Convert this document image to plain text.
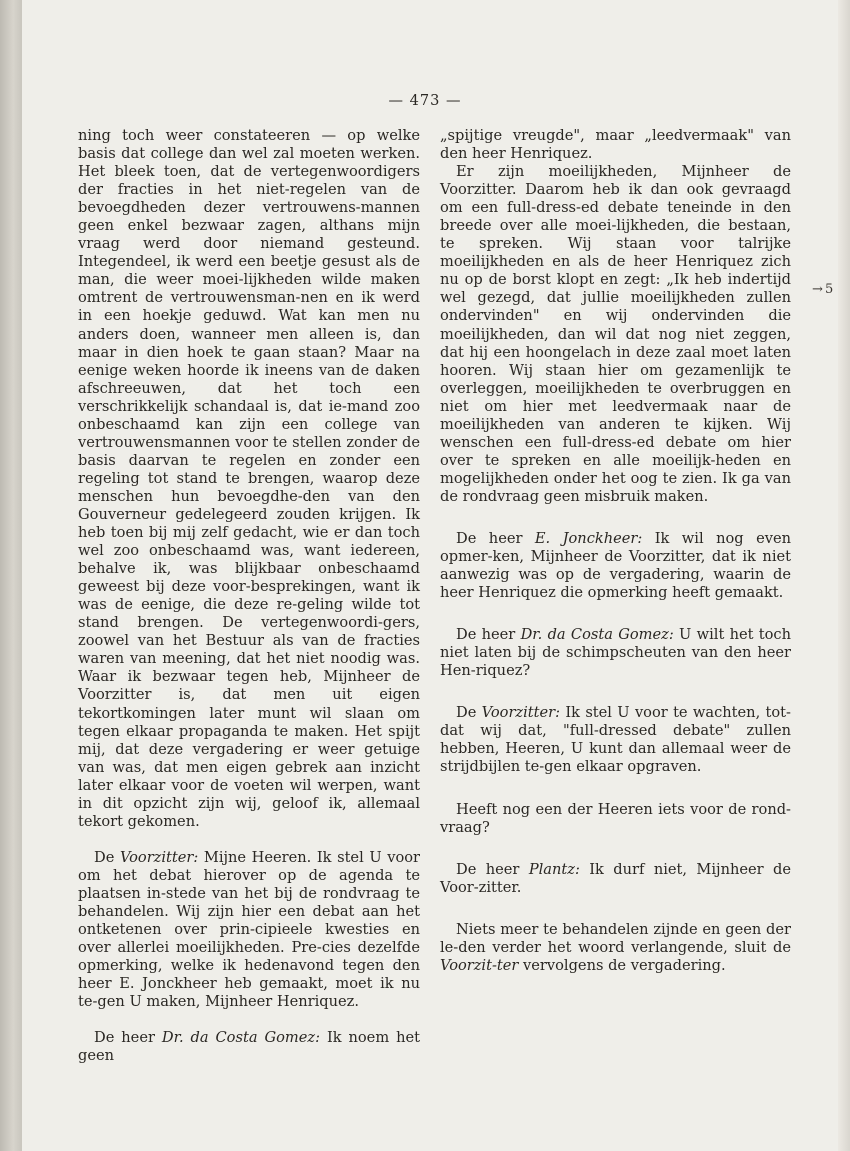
— 473 —

ning toch weer constateeren — op welke basis dat college dan wel zal moeten werken. Het bleek toen, dat de vertegenwoordigers der fracties in het niet-regelen van de bevoegdheden dezer vertrouwens-mannen geen enkel bezwaar zagen, althans mijn vraag werd door niemand gesteund. Integendeel, ik werd een beetje gesust als de man, die weer moei-lijkheden wilde maken omtrent de vertrouwensman-nen en ik werd in een hoekje geduwd. Wat kan men nu anders doen, wanneer men alleen is, dan maar in dien hoek te gaan staan? Maar na eenige weken hoorde ik ineens van de daken afschreeuwen, dat het toch een verschrikkelijk schandaal is, dat ie-mand zoo onbeschaamd kan zijn een college van vertrouwensmannen voor te stellen zonder de basis daarvan te regelen en zonder een regeling tot stand te brengen, waarop deze menschen hun bevoegdhe-den van den Gouverneur gedelegeerd zouden krijgen. Ik heb toen bij mij zelf gedacht, wie er dan toch wel zoo onbeschaamd was, want iedereen, behalve ik, was blijkbaar onbeschaamd geweest bij deze voor-besprekingen, want ik was de eenige, die deze re-geling wilde tot stand brengen. De vertegenwoordi-gers, zoowel van het Bestuur als van de fracties waren van meening, dat het niet noodig was. Waar ik bezwaar tegen heb, Mijnheer de Voorzitter is, dat men uit eigen tekortkomingen later munt wil slaan om tegen elkaar propaganda te maken. Het spijt mij, dat deze vergadering er weer getuige van was, dat men eigen gebrek aan inzicht later elkaar voor de voeten wil werpen, want in dit opzicht zijn wij, geloof ik, allemaal tekort gekomen.

De Voorzitter: Mijne Heeren. Ik stel U voor om het debat hierover op de agenda te plaatsen in-stede van het bij de rondvraag te behandelen. Wij zijn hier een debat aan het ontketenen over prin-cipieele kwesties en over allerlei moeilijkheden. Pre-cies dezelfde opmerking, welke ik hedenavond tegen den heer E. Jonckheer heb gemaakt, moet ik nu te-gen U maken, Mijnheer Henriquez.

De heer Dr. da Costa Gomez: Ik noem het geen

„spijtige vreugde", maar „leedvermaak" van den heer Henriquez.

Er zijn moeilijkheden, Mijnheer de Voorzitter. Daarom heb ik dan ook gevraagd om een full-dress-ed debate teneinde in den breede over alle moei-lijkheden, die bestaan, te spreken. Wij staan voor talrijke moeilijkheden en als de heer Henriquez zich nu op de borst klopt en zegt: „Ik heb indertijd wel gezegd, dat jullie moeilijkheden zullen ondervinden" en wij ondervinden die moeilijkheden, dan wil dat nog niet zeggen, dat hij een hoongelach in deze zaal moet laten hooren. Wij staan hier om gezamenlijk te overleggen, moeilijkheden te overbruggen en niet om hier met leedvermaak naar de moeilijkheden van anderen te kijken. Wij wenschen een full-dress-ed debate om hier over te spreken en alle moeilijk-heden en mogelijkheden onder het oog te zien. Ik ga van de rondvraag geen misbruik maken.

De heer E. Jonckheer: Ik wil nog even opmer-ken, Mijnheer de Voorzitter, dat ik niet aanwezig was op de vergadering, waarin de heer Henriquez die opmerking heeft gemaakt.

De heer Dr. da Costa Gomez: U wilt het toch niet laten bij de schimpscheuten van den heer Hen-riquez?

De Voorzitter: Ik stel U voor te wachten, tot-dat wij dat, "full-dressed debate" zullen hebben, Heeren, U kunt dan allemaal weer de strijdbijlen te-gen elkaar opgraven.

Heeft nog een der Heeren iets voor de rond-vraag?

De heer Plantz: Ik durf niet, Mijnheer de Voor-zitter.

Niets meer te behandelen zijnde en geen der le-den verder het woord verlangende, sluit de Voorzit-ter vervolgens de vergadering.

→ 5
